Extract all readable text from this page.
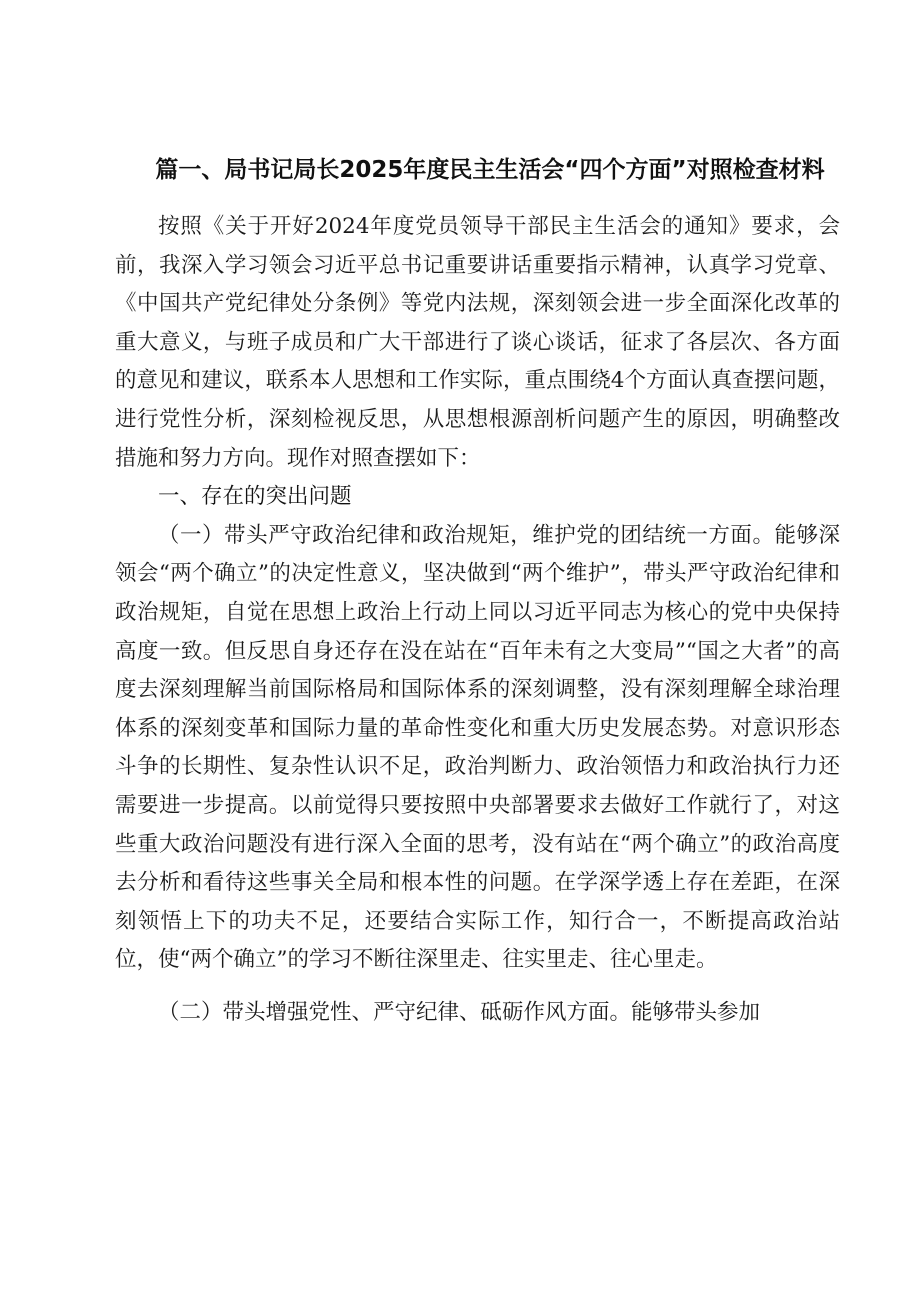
篇一、局书记局长2025年度民主生活会“四个方面”对照检查材料

按照《关于开好2024年度党员领导干部民主生活会的通知》要求，会前，我深入学习领会习近平总书记重要讲话重要指示精神，认真学习党章、《中国共产党纪律处分条例》等党内法规，深刻领会进一步全面深化改革的重大意义，与班子成员和广大干部进行了谈心谈话，征求了各层次、各方面的意见和建议，联系本人思想和工作实际，重点围绕4个方面认真查摆问题，进行党性分析，深刻检视反思，从思想根源剖析问题产生的原因，明确整改措施和努力方向。现作对照查摆如下：

一、存在的突出问题

（一）带头严守政治纪律和政治规矩，维护党的团结统一方面。能够深领会“两个确立”的决定性意义，坚决做到“两个维护”，带头严守政治纪律和政治规矩，自觉在思想上政治上行动上同以习近平同志为核心的党中央保持高度一致。但反思自身还存在没在站在“百年未有之大变局”“国之大者”的高度去深刻理解当前国际格局和国际体系的深刻调整，没有深刻理解全球治理体系的深刻变革和国际力量的革命性变化和重大历史发展态势。对意识形态斗争的长期性、复杂性认识不足，政治判断力、政治领悟力和政治执行力还需要进一步提高。以前觉得只要按照中央部署要求去做好工作就行了，对这些重大政治问题没有进行深入全面的思考，没有站在“两个确立”的政治高度去分析和看待这些事关全局和根本性的问题。在学深学透上存在差距，在深刻领悟上下的功夫不足，还要结合实际工作，知行合一，不断提高政治站位，使“两个确立”的学习不断往深里走、往实里走、往心里走。

（二）带头增强党性、严守纪律、砥砺作风方面。能够带头参加
